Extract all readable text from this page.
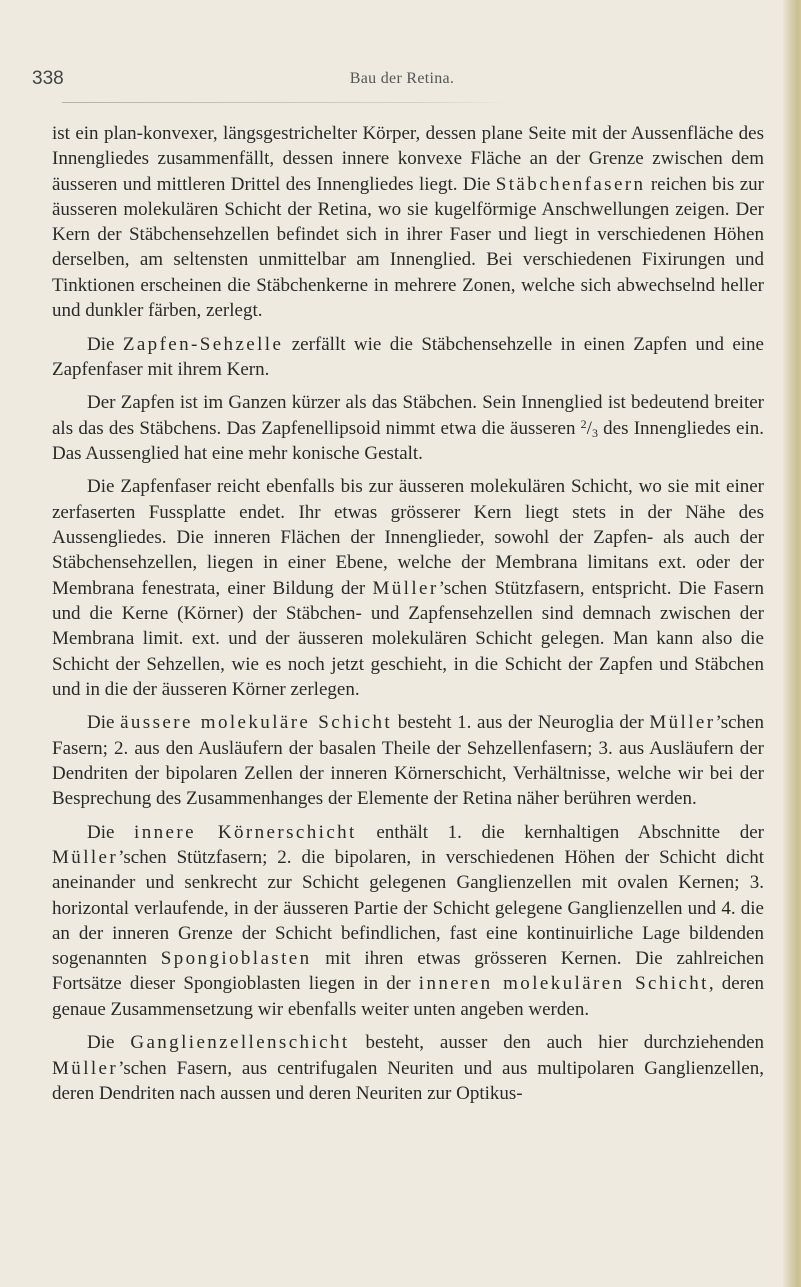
338	Bau der Retina.

ist ein plan-konvexer, längsgestrichelter Körper, dessen plane Seite mit der Aussenfläche des Innengliedes zusammenfällt, dessen innere konvexe Fläche an der Grenze zwischen dem äusseren und mittleren Drittel des Innengliedes liegt. Die Stäbchenfasern reichen bis zur äusseren molekulären Schicht der Retina, wo sie kugelförmige Anschwellungen zeigen. Der Kern der Stäbchensehzellen befindet sich in ihrer Faser und liegt in verschiedenen Höhen derselben, am seltensten unmittelbar am Innenglied. Bei verschiedenen Fixirungen und Tinktionen erscheinen die Stäbchenkerne in mehrere Zonen, welche sich abwechselnd heller und dunkler färben, zerlegt.

Die Zapfen-Sehzelle zerfällt wie die Stäbchensehzelle in einen Zapfen und eine Zapfenfaser mit ihrem Kern.

Der Zapfen ist im Ganzen kürzer als das Stäbchen. Sein Innenglied ist bedeutend breiter als das des Stäbchens. Das Zapfenellipsoid nimmt etwa die äusseren $^2/_3$ des Innengliedes ein. Das Aussenglied hat eine mehr konische Gestalt.

Die Zapfenfaser reicht ebenfalls bis zur äusseren molekulären Schicht, wo sie mit einer zerfaserten Fussplatte endet. Ihr etwas grösserer Kern liegt stets in der Nähe des Aussengliedes. Die inneren Flächen der Innenglieder, sowohl der Zapfen- als auch der Stäbchensehzellen, liegen in einer Ebene, welche der Membrana limitans ext. oder der Membrana fenestrata, einer Bildung der Müller’schen Stützfasern, entspricht. Die Fasern und die Kerne (Körner) der Stäbchen- und Zapfensehzellen sind demnach zwischen der Membrana limit. ext. und der äusseren molekulären Schicht gelegen. Man kann also die Schicht der Sehzellen, wie es noch jetzt geschieht, in die Schicht der Zapfen und Stäbchen und in die der äusseren Körner zerlegen.

Die äussere molekuläre Schicht besteht 1. aus der Neuroglia der Müller’schen Fasern; 2. aus den Ausläufern der basalen Theile der Sehzellenfasern; 3. aus Ausläufern der Dendriten der bipolaren Zellen der inneren Körnerschicht, Verhältnisse, welche wir bei der Besprechung des Zusammenhanges der Elemente der Retina näher berühren werden.

Die innere Körnerschicht enthält 1. die kernhaltigen Abschnitte der Müller’schen Stützfasern; 2. die bipolaren, in verschiedenen Höhen der Schicht dicht aneinander und senkrecht zur Schicht gelegenen Ganglienzellen mit ovalen Kernen; 3. horizontal verlaufende, in der äusseren Partie der Schicht gelegene Ganglienzellen und 4. die an der inneren Grenze der Schicht befindlichen, fast eine kontinuirliche Lage bildenden sogenannten Spongioblasten mit ihren etwas grösseren Kernen. Die zahlreichen Fortsätze dieser Spongioblasten liegen in der inneren molekulären Schicht, deren genaue Zusammensetzung wir ebenfalls weiter unten angeben werden.

Die Ganglienzellenschicht besteht, ausser den auch hier durchziehenden Müller’schen Fasern, aus centrifugalen Neuriten und aus multipolaren Ganglienzellen, deren Dendriten nach aussen und deren Neuriten zur Optikus-
